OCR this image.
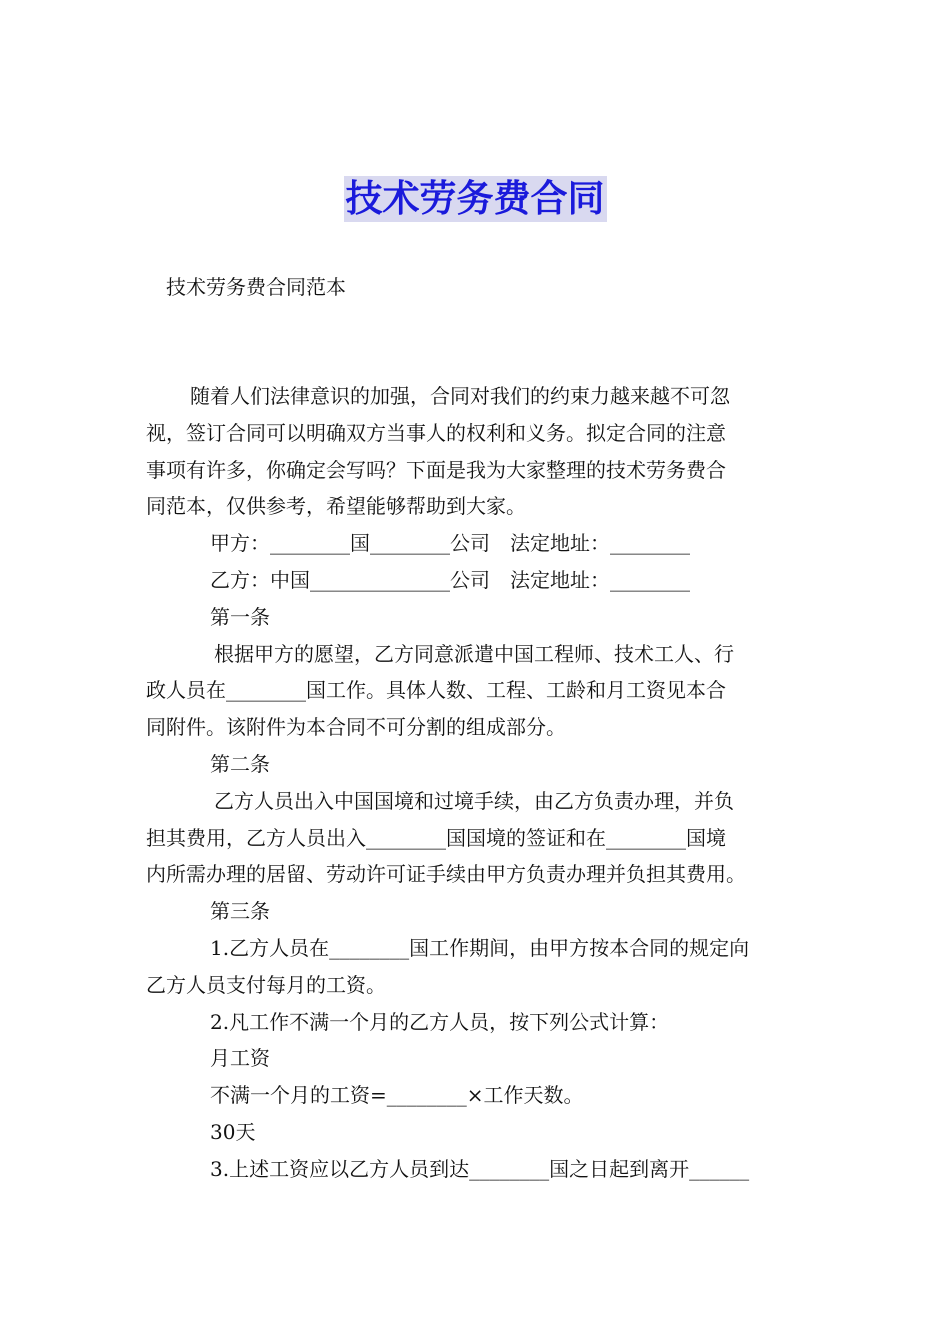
技术劳务费合同
技术劳务费合同范本
随着人们法律意识的加强，合同对我们的约束力越来越不可忽
视，签订合同可以明确双方当事人的权利和义务。拟定合同的注意
事项有许多，你确定会写吗？下面是我为大家整理的技术劳务费合
同范本，仅供参考，希望能够帮助到大家。
甲方：________国________公司　法定地址：________
乙方：中国______________公司　法定地址：________
第一条
根据甲方的愿望，乙方同意派遣中国工程师、技术工人、行
政人员在________国工作。具体人数、工程、工龄和月工资见本合
同附件。该附件为本合同不可分割的组成部分。
第二条
乙方人员出入中国国境和过境手续，由乙方负责办理，并负
担其费用，乙方人员出入________国国境的签证和在________国境
内所需办理的居留、劳动许可证手续由甲方负责办理并负担其费用。
第三条
1.乙方人员在________国工作期间，由甲方按本合同的规定向
乙方人员支付每月的工资。
2.凡工作不满一个月的乙方人员，按下列公式计算：
月工资
不满一个月的工资=________×工作天数。
30天
3.上述工资应以乙方人员到达________国之日起到离开______
